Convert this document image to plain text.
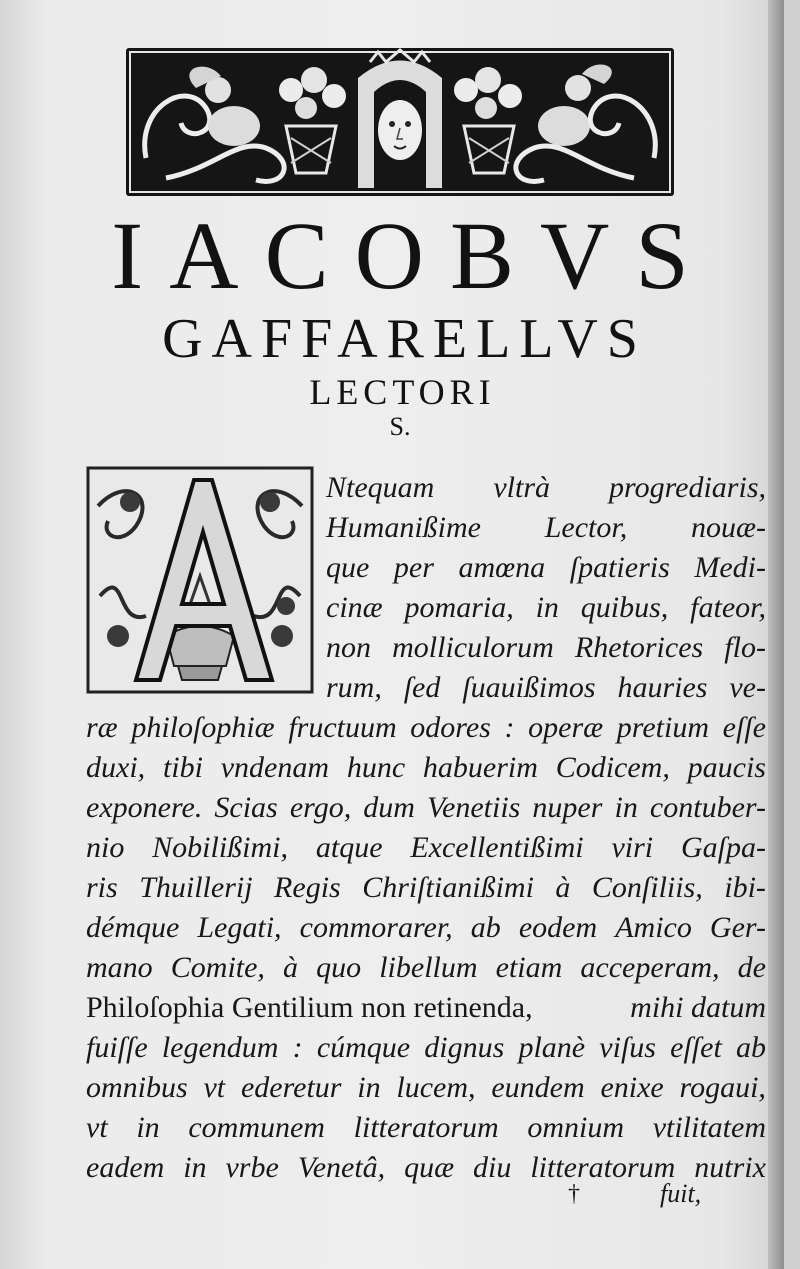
IACOBVS
GAFFARELLVS
LECTORI
S.
Ntequam vltrà progrediaris,
Humanißime Lector, nouæ-
que per amœna ſpatieris Medi-
cinæ pomaria, in quibus, fateor,
non molliculorum Rhetorices flo-
rum, ſed ſuauißimos hauries ve-
ræ philoſophiæ fructuum odores : operæ pretium eſſe
duxi, tibi vndenam hunc habuerim Codicem, paucis
exponere. Scias ergo, dum Venetiis nuper in contuber-
nio Nobilißimi, atque Excellentißimi viri Gaſpa-
ris Thuillerij Regis Chriſtianißimi à Conſiliis, ibi-
démque Legati, commorarer, ab eodem Amico Ger-
mano Comite, à quo libellum etiam acceperam, de
Philoſophia Gentilium non retinenda,	mihi datum
fuiſſe legendum : cúmque dignus planè viſus eſſet ab
omnibus vt ederetur in lucem, eundem enixe rogaui,
vt in communem litteratorum omnium vtilitatem
eadem in vrbe Venetâ, quæ diu litteratorum nutrix
†	fuit,
